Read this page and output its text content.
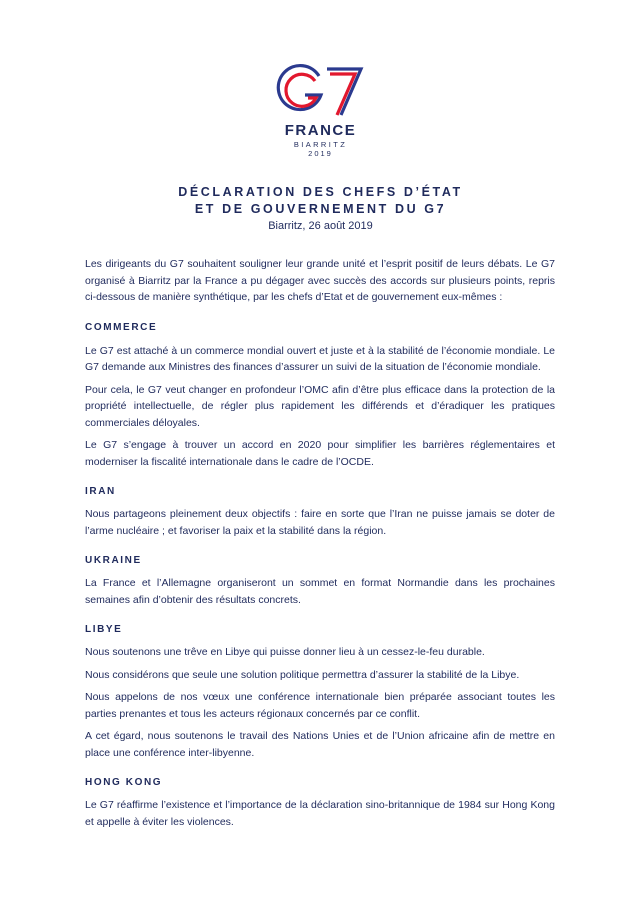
FRANCE
BIARRITZ
2019
DÉCLARATION DES CHEFS D’ÉTAT
ET DE GOUVERNEMENT DU G7
Biarritz, 26 août 2019

Les dirigeants du G7 souhaitent souligner leur grande unité et l’esprit positif de leurs débats. Le G7 organisé à Biarritz par la France a pu dégager avec succès des accords sur plusieurs points, repris ci-dessous de manière synthétique, par les chefs d’Etat et de gouvernement eux-mêmes :

COMMERCE

Le G7 est attaché à un commerce mondial ouvert et juste et à la stabilité de l’économie mondiale. Le G7 demande aux Ministres des finances d’assurer un suivi de la situation de l’économie mondiale.

Pour cela, le G7 veut changer en profondeur l’OMC afin d’être plus efficace dans la protection de la propriété intellectuelle, de régler plus rapidement les différends et d’éradiquer les pratiques commerciales déloyales.

Le G7 s’engage à trouver un accord en 2020 pour simplifier les barrières réglementaires et moderniser la fiscalité internationale dans le cadre de l’OCDE.

IRAN

Nous partageons pleinement deux objectifs : faire en sorte que l’Iran ne puisse jamais se doter de l’arme nucléaire ; et favoriser la paix et la stabilité dans la région.

UKRAINE

La France et l’Allemagne organiseront un sommet en format Normandie dans les prochaines semaines afin d’obtenir des résultats concrets.

LIBYE

Nous soutenons une trêve en Libye qui puisse donner lieu à un cessez-le-feu durable.

Nous considérons que seule une solution politique permettra d’assurer la stabilité de la Libye.

Nous appelons de nos vœux une conférence internationale bien préparée associant toutes les parties prenantes et tous les acteurs régionaux concernés par ce conflit.

A cet égard, nous soutenons le travail des Nations Unies et de l’Union africaine afin de mettre en place une conférence inter-libyenne.

HONG KONG

Le G7 réaffirme l’existence et l’importance de la déclaration sino-britannique de 1984 sur Hong Kong et appelle à éviter les violences.
